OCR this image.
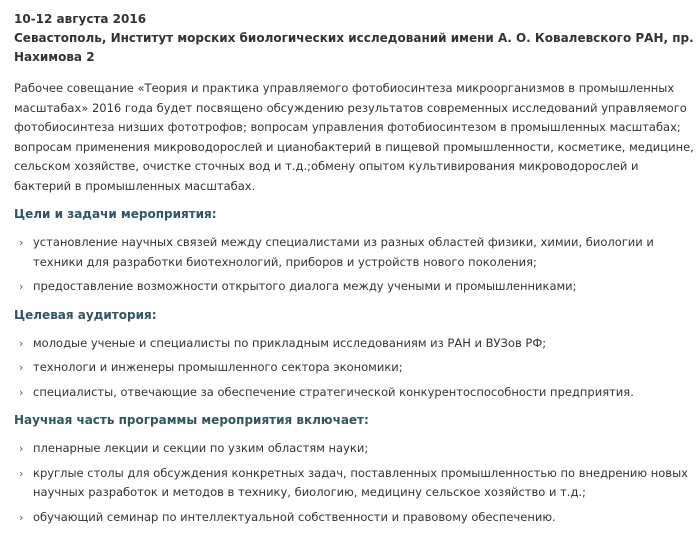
10-12 августа 2016
Севастополь, Институт морских биологических исследований имени А. О. Ковалевского РАН, пр. Нахимова 2
Рабочее совещание «Теория и практика управляемого фотобиосинтеза микроорганизмов в промышленных масштабах» 2016 года будет посвящено обсуждению результатов современных исследований управляемого фотобиосинтеза низших фототрофов; вопросам управления фотобиосинтезом в промышленных масштабах; вопросам применения микроводорослей и цианобактерий в пищевой промышленности, косметике, медицине, сельском хозяйстве, очистке сточных вод и т.д.;обмену опытом культивирования микроводорослей и бактерий в промышленных масштабах.
Цели и задачи мероприятия:
› установление научных связей между специалистами из разных областей физики, химии, биологии и техники для разработки биотехнологий, приборов и устройств нового поколения;
› предоставление возможности открытого диалога между учеными и промышленниками;
Целевая аудитория:
› молодые ученые и специалисты по прикладным исследованиям из РАН и ВУЗов РФ;
› технологи и инженеры промышленного сектора экономики;
› специалисты, отвечающие за обеспечение стратегической конкурентоспособности предприятия.
Научная часть программы мероприятия включает:
› пленарные лекции и секции по узким областям науки;
› круглые столы для обсуждения конкретных задач, поставленных промышленностью по внедрению новых научных разработок и методов в технику, биологию, медицину сельское хозяйство и т.д.;
› обучающий семинар по интеллектуальной собственности и правовому обеспечению.
